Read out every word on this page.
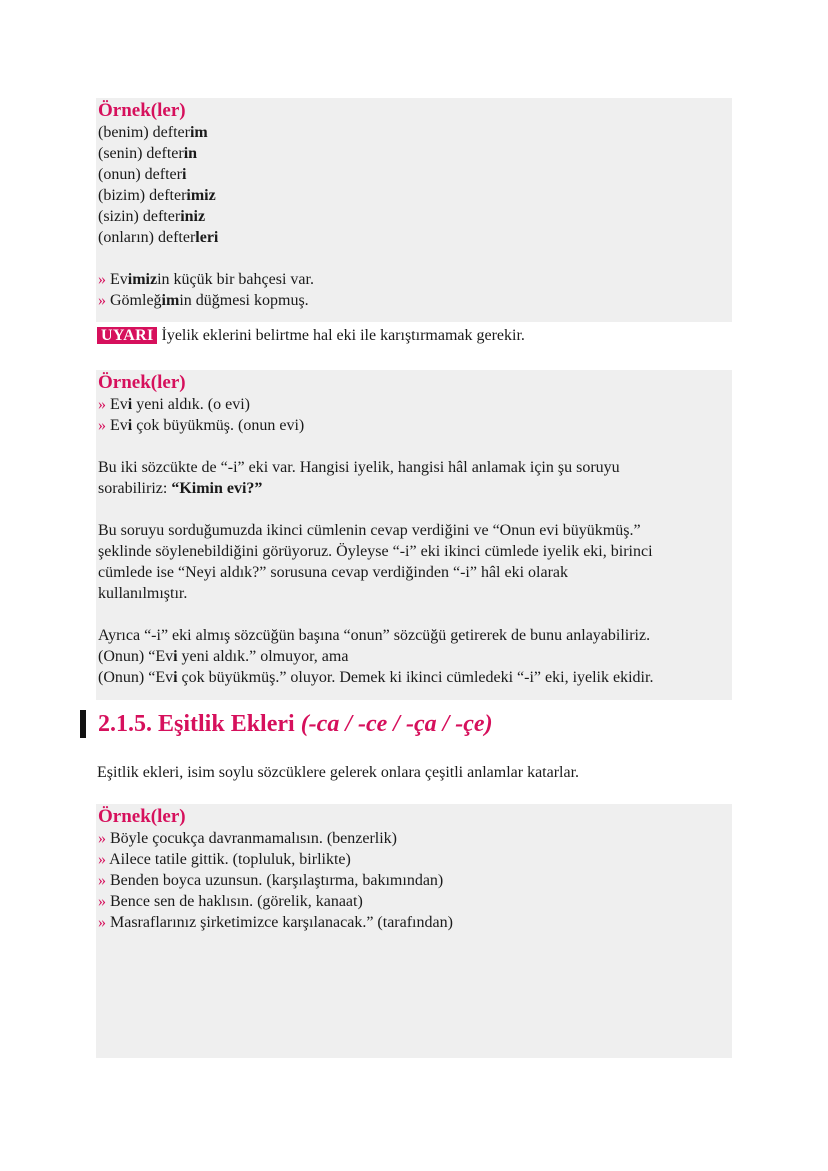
Örnek(ler)
(benim) defterim
(senin) defterin
(onun) defteri
(bizim) defterimiz
(sizin) defteriniz
(onların) defterleri
» Evimizin küçük bir bahçesi var.
» Gömleğimin düğmesi kopmuş.
UYARI İyelik eklerini belirtme hal eki ile karıştırmamak gerekir.
Örnek(ler)
» Evi yeni aldık. (o evi)
» Evi çok büyükmüş. (onun evi)
Bu iki sözcükte de “-i” eki var. Hangisi iyelik, hangisi hâl anlamak için şu soruyu
sorabiliriz: “Kimin evi?”
Bu soruyu sorduğumuzda ikinci cümlenin cevap verdiğini ve “Onun evi büyükmüş.”
şeklinde söylenebildiğini görüyoruz. Öyleyse “-i” eki ikinci cümlede iyelik eki, birinci
cümlede ise “Neyi aldık?” sorusuna cevap verdiğinden “-i” hâl eki olarak
kullanılmıştır.
Ayrıca “-i” eki almış sözcüğün başına “onun” sözcüğü getirerek de bunu anlayabiliriz.
(Onun) “Evi yeni aldık.” olmuyor, ama
(Onun) “Evi çok büyükmüş.” oluyor. Demek ki ikinci cümledeki “-i” eki, iyelik ekidir.
2.1.5. Eşitlik Ekleri (-ca / -ce / -ça / -çe)
Eşitlik ekleri, isim soylu sözcüklere gelerek onlara çeşitli anlamlar katarlar.
Örnek(ler)
» Böyle çocukça davranmamalısın. (benzerlik)
» Ailece tatile gittik. (topluluk, birlikte)
» Benden boyca uzunsun. (karşılaştırma, bakımından)
» Bence sen de haklısın. (görelik, kanaat)
» Masraflarınız şirketimizce karşılanacak.” (tarafından)
